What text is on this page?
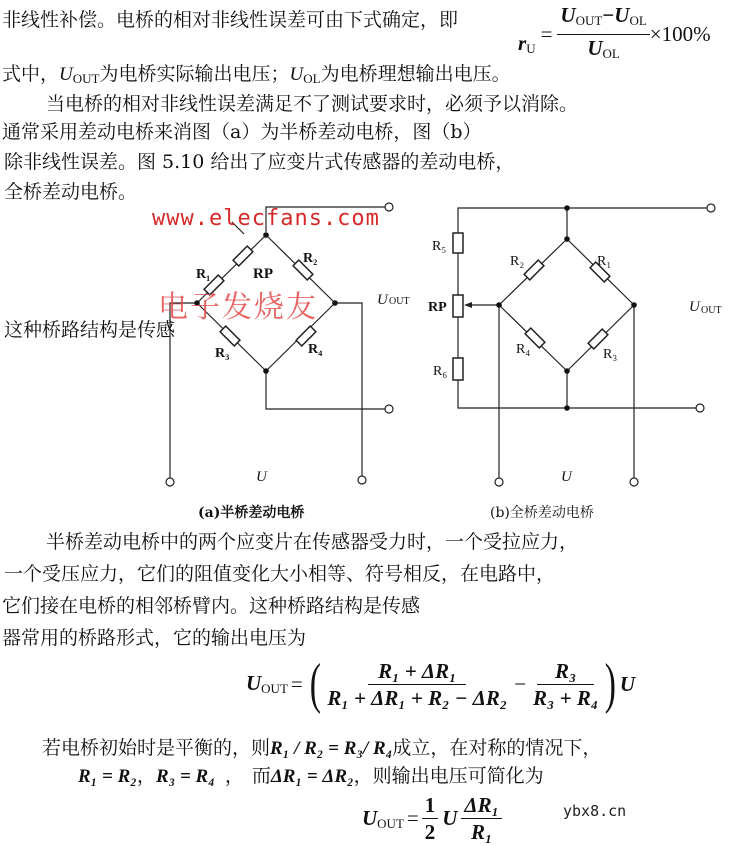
非线性补偿。电桥的相对非线性误差可由下式确定，即
$r_U$
= $\frac{U_{OUT}-U_{OL}}{U_{OL}} \times 100\%$
式中，$U_{OUT}$为电桥实际输出电压；$U_{OL}$为电桥理想输出电压。
当电桥的相对非线性误差满足不了测试要求时，必须予以消除。
通常采用差动电桥来消图（a）为半桥差动电桥，图（b）
除非线性误差。图 5.10 给出了应变片式传感器的差动电桥，
全桥差动电桥。
这种桥路结构是传感
R₁
R₂
R₃	R₄
RP
U OUT
U
(a)半桥差动电桥
R₅
RP
R₆
R₂	R₁
R₄	R₃
U OUT
U
(b)全桥差动电桥
www.elecfans.com
电子发烧友
半桥差动电桥中的两个应变片在传感器受力时，一个受拉应力，
一个受压应力，它们的阻值变化大小相等、符号相反，在电路中，
它们接在电桥的相邻桥臂内。这种桥路结构是传感
器常用的桥路形式，它的输出电压为
$U_{OUT}$ = ( $\frac{\text{R₁ + ΔR₁}}{\text{R₁ + ΔR₁ + R₂ − ΔR₂}} - \frac{\text{R₃}}{\text{R₃ + R₄}}$ ) U
若电桥初始时是平衡的，则R₁ / R₂ = R₃/ R₄成立，在对称的情况下，
R₁ = R₂，R₃ = R₄ ， 而ΔR₁ = ΔR₂，则输出电压可简化为
$U_{OUT} = \frac{1}{2}$ U $\frac{\text{ΔR₁}}{\text{R₁}}$	ybx8.cn
